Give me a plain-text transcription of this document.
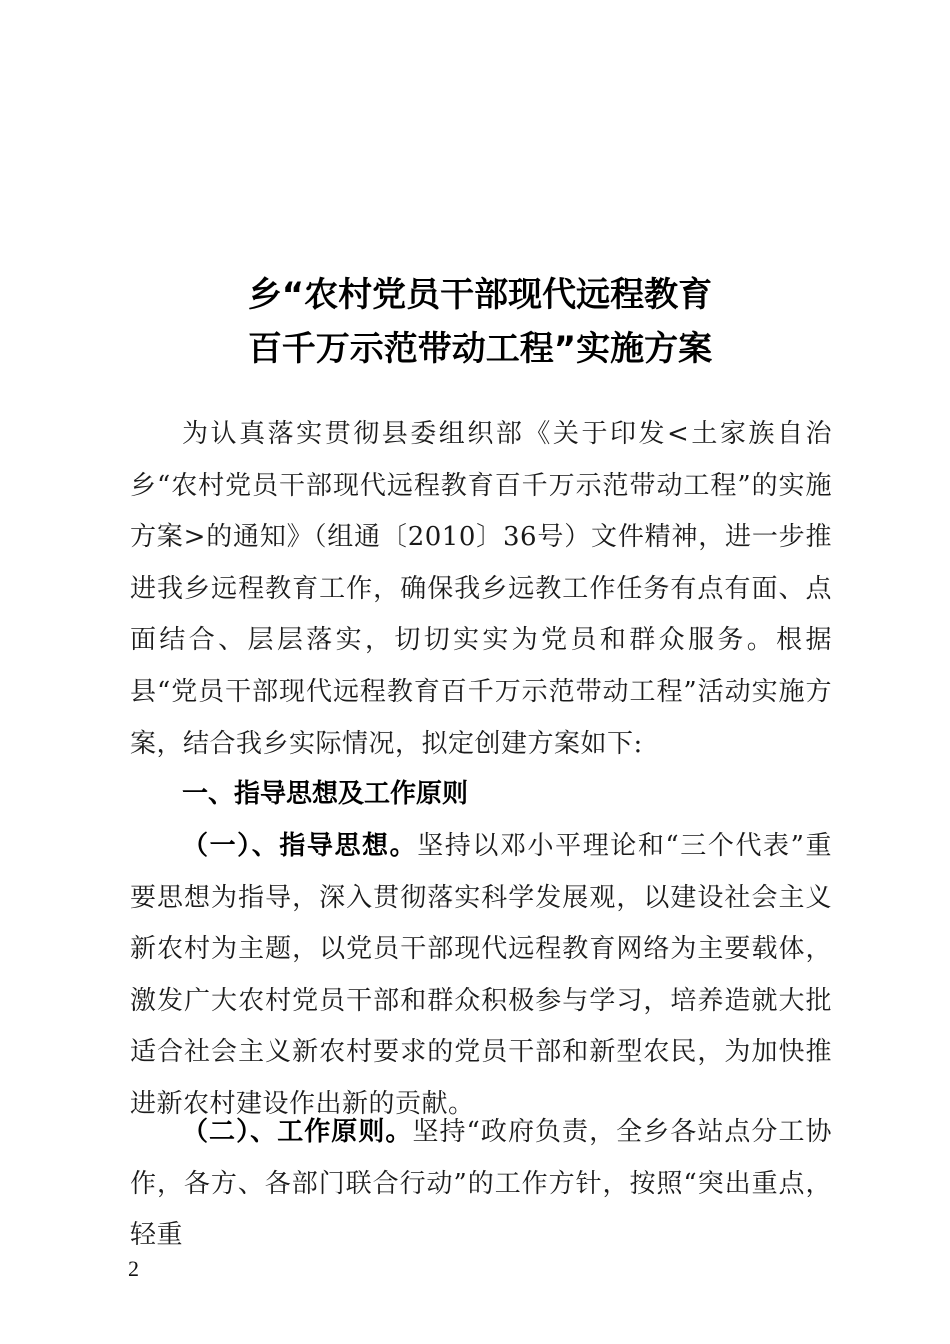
乡“农村党员干部现代远程教育
百千万示范带动工程”实施方案
为认真落实贯彻县委组织部《关于印发<土家族自治乡“农村党员干部现代远程教育百千万示范带动工程”的实施方案>的通知》（组通〔2010〕36号）文件精神，进一步推进我乡远程教育工作，确保我乡远教工作任务有点有面、点面结合、层层落实，切切实实为党员和群众服务。根据县“党员干部现代远程教育百千万示范带动工程”活动实施方案，结合我乡实际情况，拟定创建方案如下:
一、指导思想及工作原则
（一）、指导思想。坚持以邓小平理论和“三个代表”重要思想为指导，深入贯彻落实科学发展观，以建设社会主义新农村为主题，以党员干部现代远程教育网络为主要载体，激发广大农村党员干部和群众积极参与学习，培养造就大批适合社会主义新农村要求的党员干部和新型农民，为加快推进新农村建设作出新的贡献。
（二）、工作原则。坚持“政府负责，全乡各站点分工协作，各方、各部门联合行动”的工作方针，按照“突出重点，轻重
2
